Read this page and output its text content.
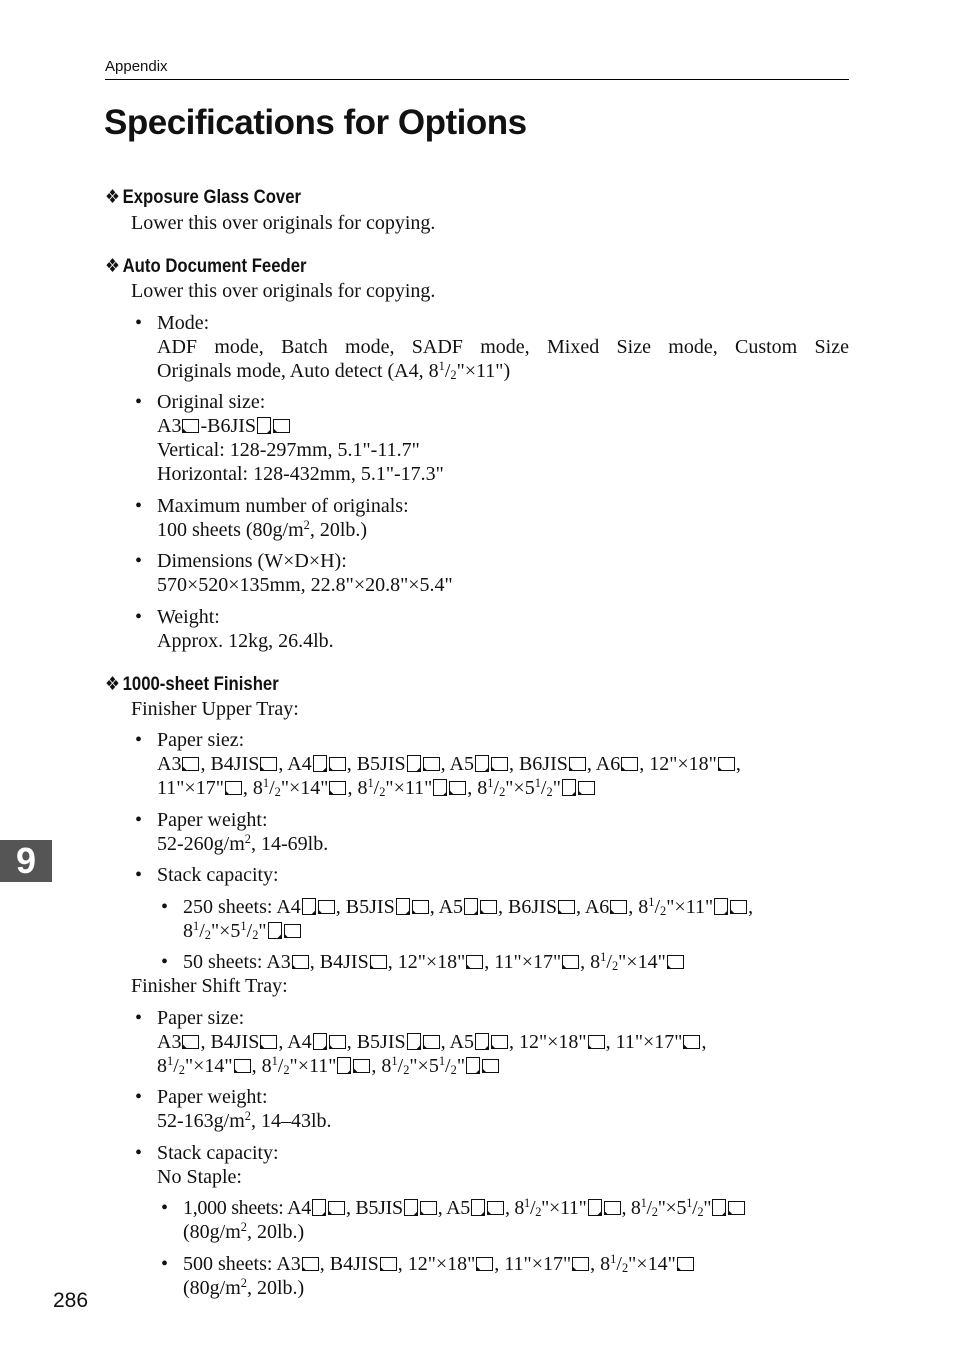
Appendix
Specifications for Options
❖ Exposure Glass Cover
Lower this over originals for copying.
❖ Auto Document Feeder
Lower this over originals for copying.
• Mode:
ADF mode, Batch mode, SADF mode, Mixed Size mode, Custom Size
Originals mode, Auto detect (A4, $8^1/_2"\times 11$")
• Original size:
A3 -B6JIS
Vertical: 128-297mm, 5.1"-11.7"
Horizontal: 128-432mm, 5.1"-17.3"
• Maximum number of originals:
100 sheets ($80g/m^2$, 20lb.)
• Dimensions (W×D×H):
570×520×135mm, 22.8"×20.8"×5.4"
• Weight:
Approx. 12kg, 26.4lb.
❖ 1000-sheet Finisher
Finisher Upper Tray:
• Paper siez:
A3 , B4JIS , A4 , B5JIS , A5 , B6JIS , A6 , 12"×18" ,
11"×17" , $8^1/_2"\times 14$" , $8^1/_2"\times 11$" , $8^1/_2"\times 5^1/_2$"
• Paper weight:
$52-260g/m^2$, 14-69lb.
• Stack capacity:
• 250 sheets: A4 , B5JIS , A5 , B6JIS , A6 , $8^1/_2"\times 11$" ,
$8^1/_2"\times 5^1/_2$"
• 50 sheets: A3 , B4JIS , 12"×18" , 11"×17" , $8^1/_2"\times 14$"
Finisher Shift Tray:
• Paper size:
A3 , B4JIS , A4 , B5JIS , A5 , 12"×18" , 11"×17" ,
$8^1/_2"\times 14$" , $8^1/_2"\times 11$" , $8^1/_2"\times 5^1/_2$"
• Paper weight:
$52-163g/m^2$, 14–43lb.
• Stack capacity:
No Staple:
• 1,000 sheets: A4 , B5JIS , A5 , $8^1/_2"\times 11$" , $8^1/_2"\times 5^1/_2$"
($80g/m^2$, 20lb.)
• 500 sheets: A3 , B4JIS , 12"×18" , 11"×17" , $8^1/_2"\times 14$"
($80g/m^2$, 20lb.)
9
286
